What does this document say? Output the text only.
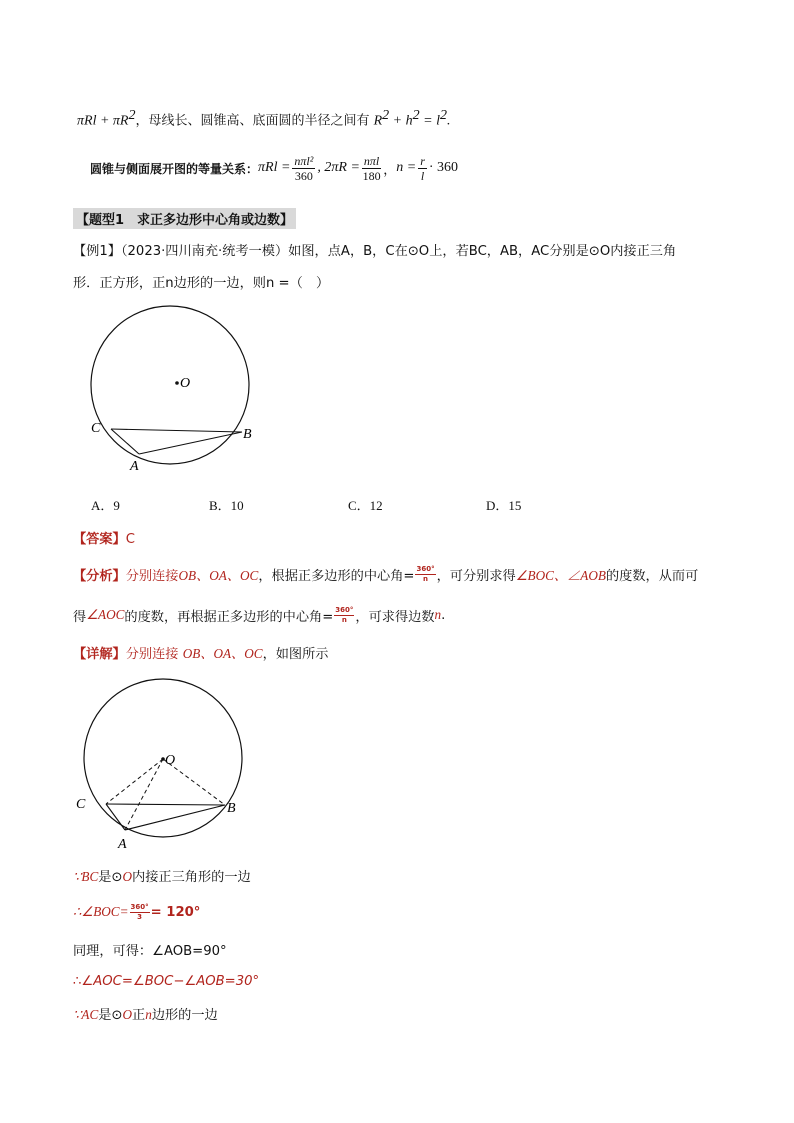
$\pi Rl + \pi R^2$，母线长、圆锥高、底面圆的半径之间有 $R^2 + h^2 = l^2$.
圆锥与侧面展开图的等量关系： $\pi Rl = \frac{\text{nπl²}}{360}$ , $2\pi R = \frac{\text{nπl}}{180}$ ， $n = \frac{r}{l} \cdot 360$
【题型1　求正多边形中心角或边数】
【例1】（2023·四川南充·统考一模）如图，点A，B，C在⊙O上，若BC，AB，AC分别是⊙O内接正三角
形．正方形，正n边形的一边，则n =（　）
O
C	B
A
A．9	B．10	C．12	D．15
【答案】C
【分析】 分别连接 OB、OA、OC ，根据正多边形的中心角= $\frac{360^\circ}{n}$ ，可分别求得 ∠BOC、∠AOB 的度数，从而可
得 ∠AOC 的度数，再根据正多边形的中心角= $\frac{360^\circ}{n}$ ，可求得边数 n .
【详解】分别连接 OB、OA、OC，如图所示
O
C	B
A
∵BC是⊙O内接正三角形的一边
∴∠BOC= $\frac{360^\circ}{3} = 120^\circ$
同理，可得：∠AOB=90°
∴∠AOC=∠BOC−∠AOB=30°
∵AC是⊙O正n边形的一边
